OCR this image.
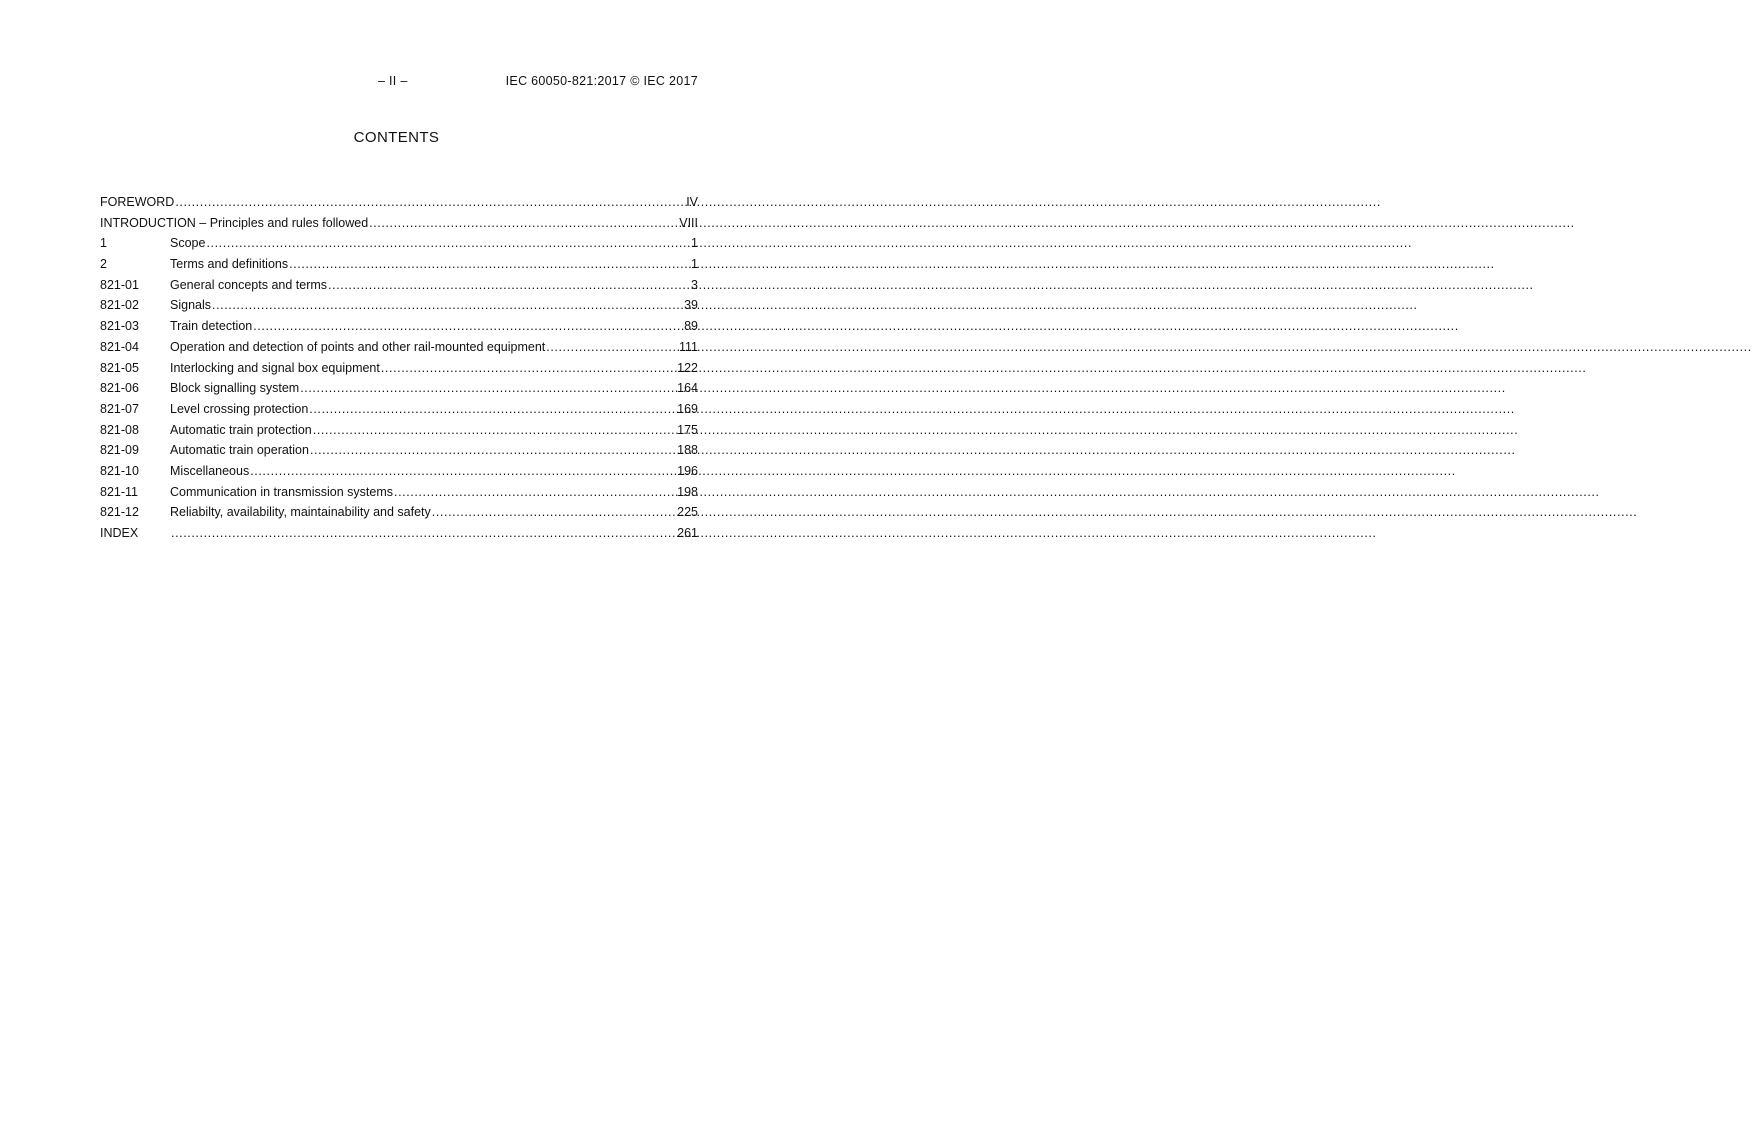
– II –	IEC 60050-821:2017 © IEC 2017
CONTENTS
FOREWORD .....	IV
INTRODUCTION – Principles and rules followed .....	VIII
1	Scope .....	1
2	Terms and definitions .....	1
821-01	General concepts and terms .....	3
821-02	Signals .....	39
821-03	Train detection .....	89
821-04	Operation and detection of points and other rail-mounted equipment .....	111
821-05	Interlocking and signal box equipment .....	122
821-06	Block signalling system .....	164
821-07	Level crossing protection .....	169
821-08	Automatic train protection .....	175
821-09	Automatic train operation .....	188
821-10	Miscellaneous .....	196
821-11	Communication in transmission systems .....	198
821-12	Reliabilty, availability, maintainability and safety .....	225
INDEX .....	261
